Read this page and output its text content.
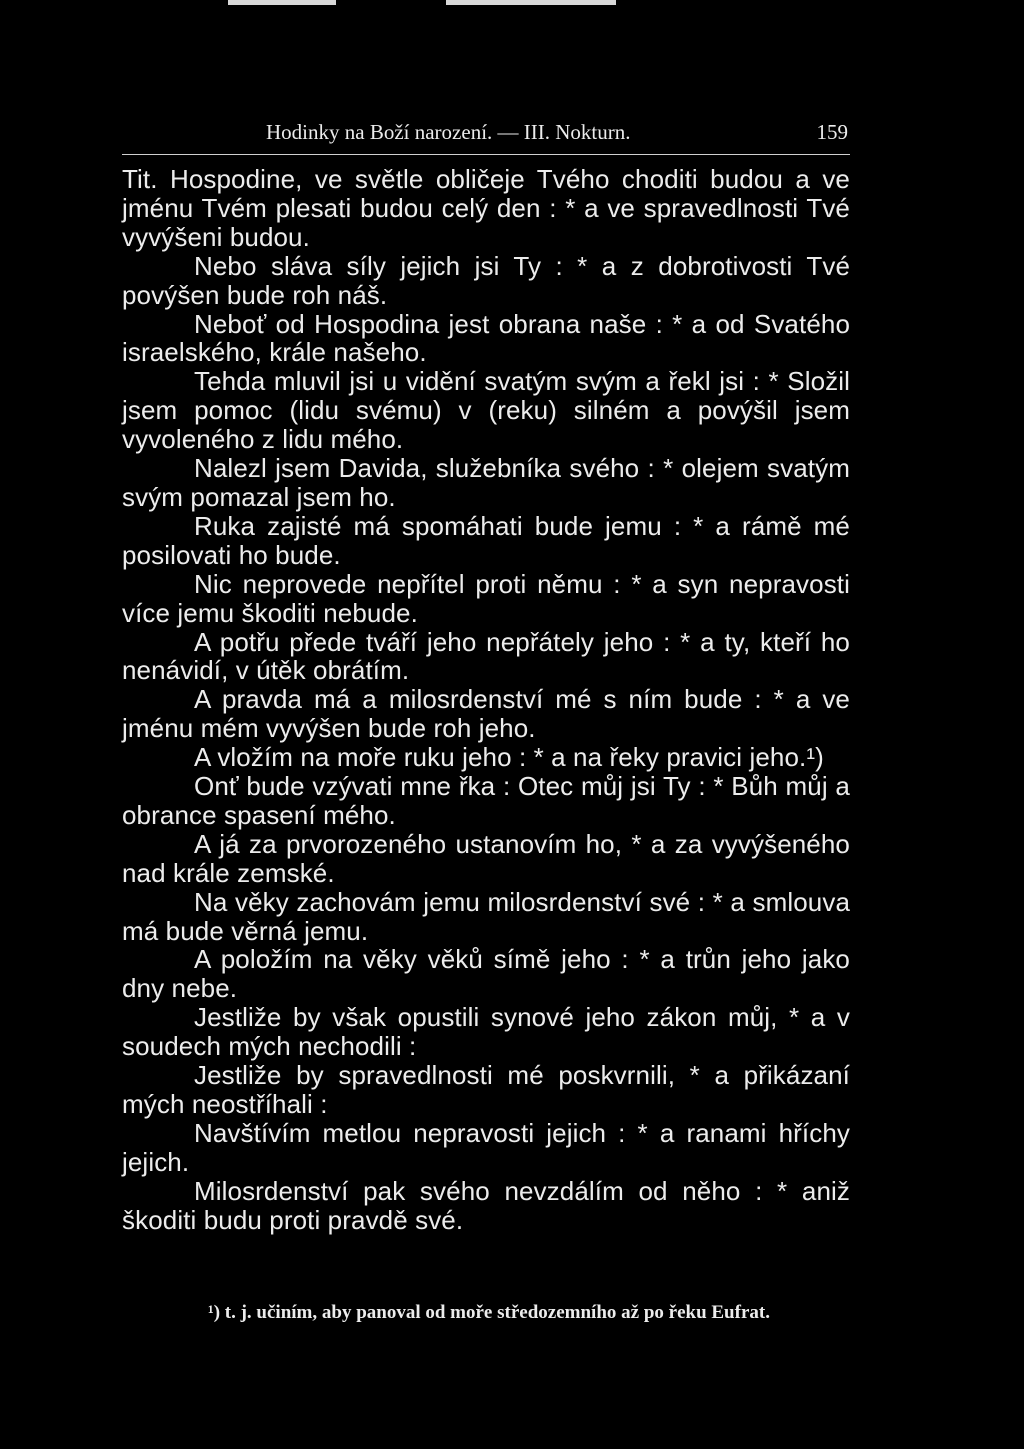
Hodinky na Boží narození. — III. Nokturn.	159

Tit. Hospodine, ve světle obličeje Tvého choditi budou a ve jménu Tvém plesati budou celý den : * a ve spravedlnosti Tvé vyvýšeni budou.

Nebo sláva síly jejich jsi Ty : * a z dobrotivosti Tvé povýšen bude roh náš.

Neboť od Hospodina jest obrana naše : * a od Svatého israelského, krále našeho.

Tehda mluvil jsi u vidění svatým svým a řekl jsi : * Složil jsem pomoc (lidu svému) v (reku) silném a povýšil jsem vyvoleného z lidu mého.

Nalezl jsem Davida, služebníka svého : * olejem svatým svým pomazal jsem ho.

Ruka zajisté má spomáhati bude jemu : * a rámě mé posilovati ho bude.

Nic neprovede nepřítel proti němu : * a syn nepravosti více jemu škoditi nebude.

A potřu přede tváří jeho nepřátely jeho : * a ty, kteří ho nenávidí, v útěk obrátím.

A pravda má a milosrdenství mé s ním bude : * a ve jménu mém vyvýšen bude roh jeho.

A vložím na moře ruku jeho : * a na řeky pravici jeho.¹)

Onť bude vzývati mne řka : Otec můj jsi Ty : * Bůh můj a obrance spasení mého.

A já za prvorozeného ustanovím ho, * a za vyvýšeného nad krále zemské.

Na věky zachovám jemu milosrdenství své : * a smlouva má bude věrná jemu.

A položím na věky věků símě jeho : * a trůn jeho jako dny nebe.

Jestliže by však opustili synové jeho zákon můj, * a v soudech mých nechodili :

Jestliže by spravedlnosti mé poskvrnili, * a přikázaní mých neostříhali :

Navštívím metlou nepravosti jejich : * a ranami hříchy jejich.

Milosrdenství pak svého nevzdálím od něho : * aniž škoditi budu proti pravdě své.

¹) t. j. učiním, aby panoval od moře středozemního až po řeku Eufrat.
